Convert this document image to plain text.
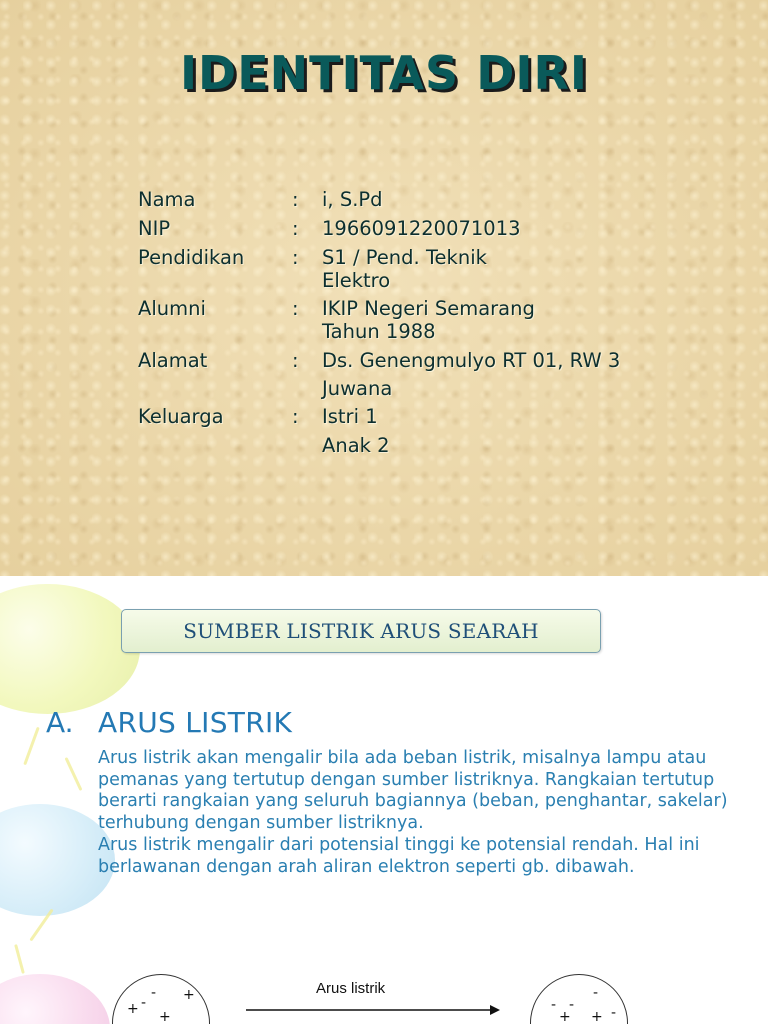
IDENTITAS DIRI
Nama	: i, S.Pd
NIP	: 1966091220071013
Pendidikan : S1 / Pend. Teknik
Elektro
Alumni	: IKIP Negeri Semarang
Tahun 1988
Alamat	: Ds. Genengmulyo RT 01, RW 3
Juwana
Keluarga	: Istri 1
Anak 2
SUMBER LISTRIK ARUS SEARAH
A. ARUS LISTRIK

Arus listrik akan mengalir bila ada beban listrik, misalnya lampu atau pemanas yang tertutup dengan sumber listriknya. Rangkaian tertutup berarti rangkaian yang seluruh bagiannya (beban, penghantar, sakelar) terhubung dengan sumber listriknya.

Arus listrik mengalir dari potensial tinggi ke potensial rendah. Hal ini berlawanan dengan arah aliran elektron seperti gb. dibawah.

- +
+ -
+
Arus listrik	-
- -
+ + -
